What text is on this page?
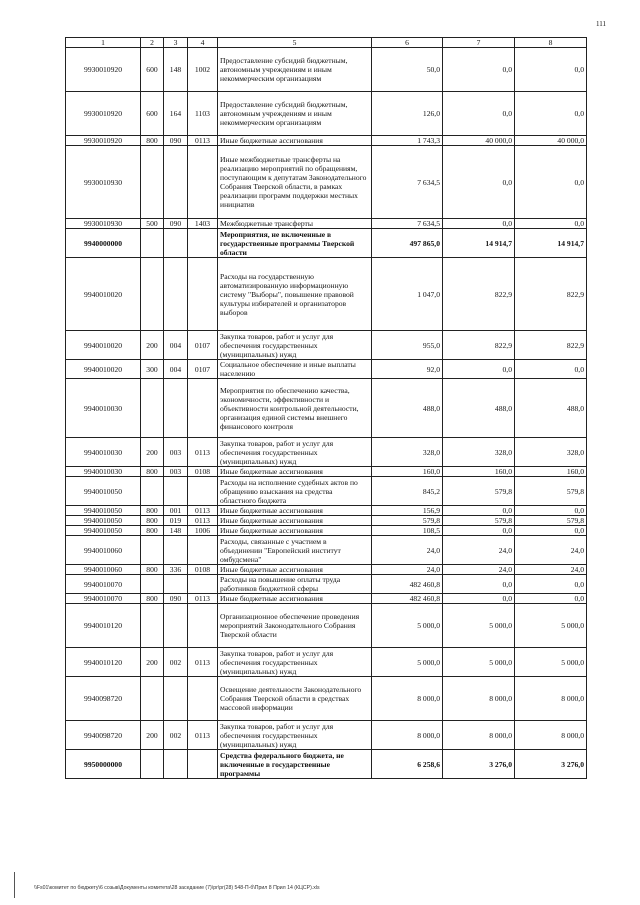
111
1	2	3	4	5	6	7	8
9930010920	600	148	1002	Предоставление субсидий бюджетным, автономным учреждениям и иным некоммерческим организациям	50,0	0,0	0,0
9930010920	600	164	1103	Предоставление субсидий бюджетным, автономным учреждениям и иным некоммерческим организациям	126,0	0,0	0,0
9930010920	800	090	0113	Иные бюджетные ассигнования	1 743,3	40 000,0	40 000,0
9930010930				Иные межбюджетные трансферты на реализацию мероприятий по обращениям, поступающим к депутатам Законодательного Собрания Тверской области, в рамках реализации программ поддержки местных инициатив	7 634,5	0,0	0,0
9930010930	500	090	1403	Межбюджетные трансферты	7 634,5	0,0	0,0
9940000000				Мероприятия, не включенные в государственные программы Тверской области	497 865,0	14 914,7	14 914,7
9940010020				Расходы на государственную автоматизированную информационную систему "Выборы", повышение правовой культуры избирателей и организаторов выборов	1 047,0	822,9	822,9
9940010020	200	004	0107	Закупка товаров, работ и услуг для обеспечения государственных (муниципальных) нужд	955,0	822,9	822,9
9940010020	300	004	0107	Социальное обеспечение и иные выплаты населению	92,0	0,0	0,0
9940010030				Мероприятия по обеспечению качества, экономичности, эффективности и объективности контрольной деятельности, организация единой системы внешнего финансового контроля	488,0	488,0	488,0
9940010030	200	003	0113	Закупка товаров, работ и услуг для обеспечения государственных (муниципальных) нужд	328,0	328,0	328,0
9940010030	800	003	0108	Иные бюджетные ассигнования	160,0	160,0	160,0
9940010050				Расходы на исполнение судебных актов по обращению взыскания на средства областного бюджета	845,2	579,8	579,8
9940010050	800	001	0113	Иные бюджетные ассигнования	156,9	0,0	0,0
9940010050	800	019	0113	Иные бюджетные ассигнования	579,8	579,8	579,8
9940010050	800	148	1006	Иные бюджетные ассигнования	108,5	0,0	0,0
9940010060				Расходы, связанные с участием в объединении "Европейский институт омбудсмена"	24,0	24,0	24,0
9940010060	800	336	0108	Иные бюджетные ассигнования	24,0	24,0	24,0
9940010070				Расходы на повышение оплаты труда работников бюджетной сферы	482 460,8	0,0	0,0
9940010070	800	090	0113	Иные бюджетные ассигнования	482 460,8	0,0	0,0
9940010120				Организационное обеспечение проведения мероприятий Законодательного Собрания Тверской области	5 000,0	5 000,0	5 000,0
9940010120	200	002	0113	Закупка товаров, работ и услуг для обеспечения государственных (муниципальных) нужд	5 000,0	5 000,0	5 000,0
9940098720				Освещение деятельности Законодательного Собрания Тверской области в средствах массовой информации	8 000,0	8 000,0	8 000,0
9940098720	200	002	0113	Закупка товаров, работ и услуг для обеспечения государственных (муниципальных) нужд	8 000,0	8 000,0	8 000,0
9950000000				Средства федерального бюджета, не включенные в государственные программы	6 258,6	3 276,0	3 276,0
\\Fs01\комитет по бюджету\6 созыв\Документы комитета\28 заседание (7)\pr\pr(28) 548-П-б\Прил 8 Прил 14 (КЦСР).xls
